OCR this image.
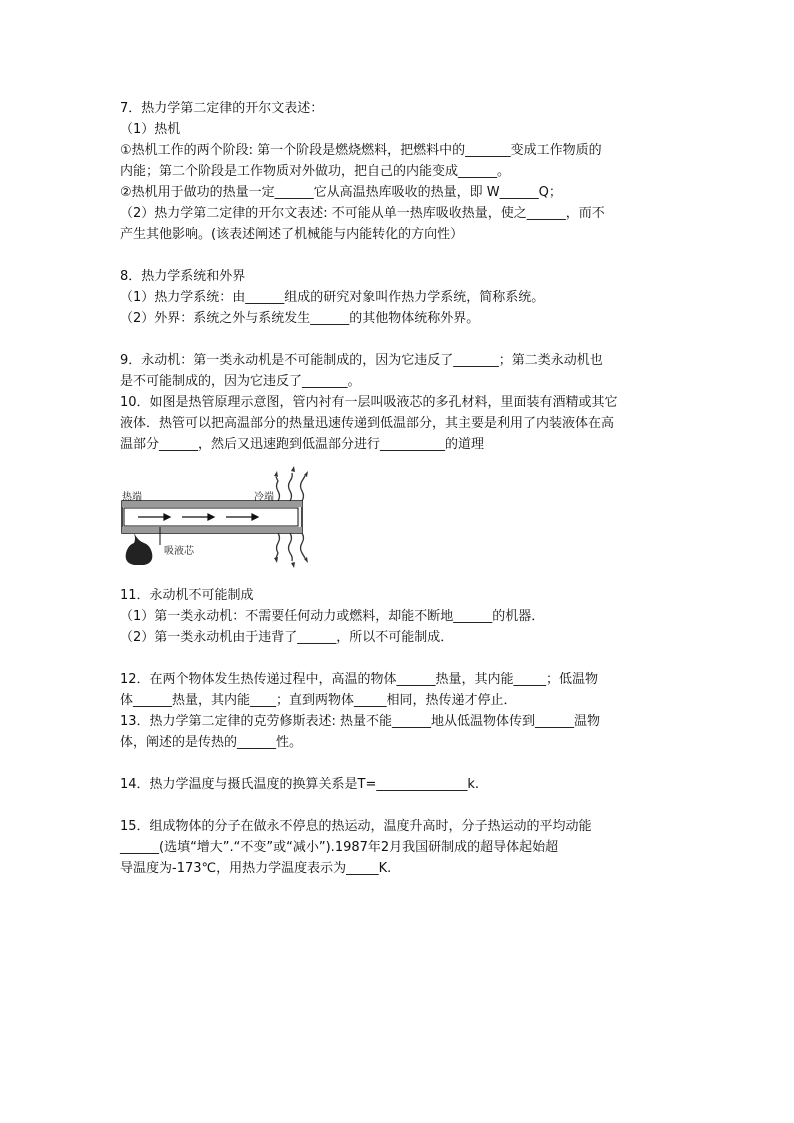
7．热力学第二定律的开尔文表述：
（1）热机
①热机工作的两个阶段: 第一个阶段是燃烧燃料，把燃料中的_______变成工作物质的
内能；第二个阶段是工作物质对外做功，把自己的内能变成______。
②热机用于做功的热量一定______它从高温热库吸收的热量，即 W______Q；
（2）热力学第二定律的开尔文表述: 不可能从单一热库吸收热量，使之______，而不
产生其他影响。(该表述阐述了机械能与内能转化的方向性）
8．热力学系统和外界
（1）热力学系统：由______组成的研究对象叫作热力学系统，简称系统。
（2）外界：系统之外与系统发生______的其他物体统称外界。
9．永动机：第一类永动机是不可能制成的，因为它违反了_______；第二类永动机也
是不可能制成的，因为它违反了_______。
10．如图是热管原理示意图，管内衬有一层叫吸液芯的多孔材料，里面装有酒精或其它
液体．热管可以把高温部分的热量迅速传递到低温部分，其主要是利用了内装液体在高
温部分______，然后又迅速跑到低温部分进行__________的道理
热端	冷端
吸液芯
11．永动机不可能制成
（1）第一类永动机：不需要任何动力或燃料，却能不断地______的机器．
（2）第一类永动机由于违背了______，所以不可能制成．
12．在两个物体发生热传递过程中，高温的物体______热量，其内能_____；低温物
体______热量，其内能____；直到两物体_____相同，热传递才停止．
13．热力学第二定律的克劳修斯表述: 热量不能______地从低温物体传到______温物
体，阐述的是传热的______性。
14．热力学温度与摄氏温度的换算关系是T=______________k.
15．组成物体的分子在做永不停息的热运动，温度升高时，分子热运动的平均动能
______(选填“增大”.“不变”或“减小”).1987年2月我国研制成的超导体起始超
导温度为-173℃，用热力学温度表示为_____K.
